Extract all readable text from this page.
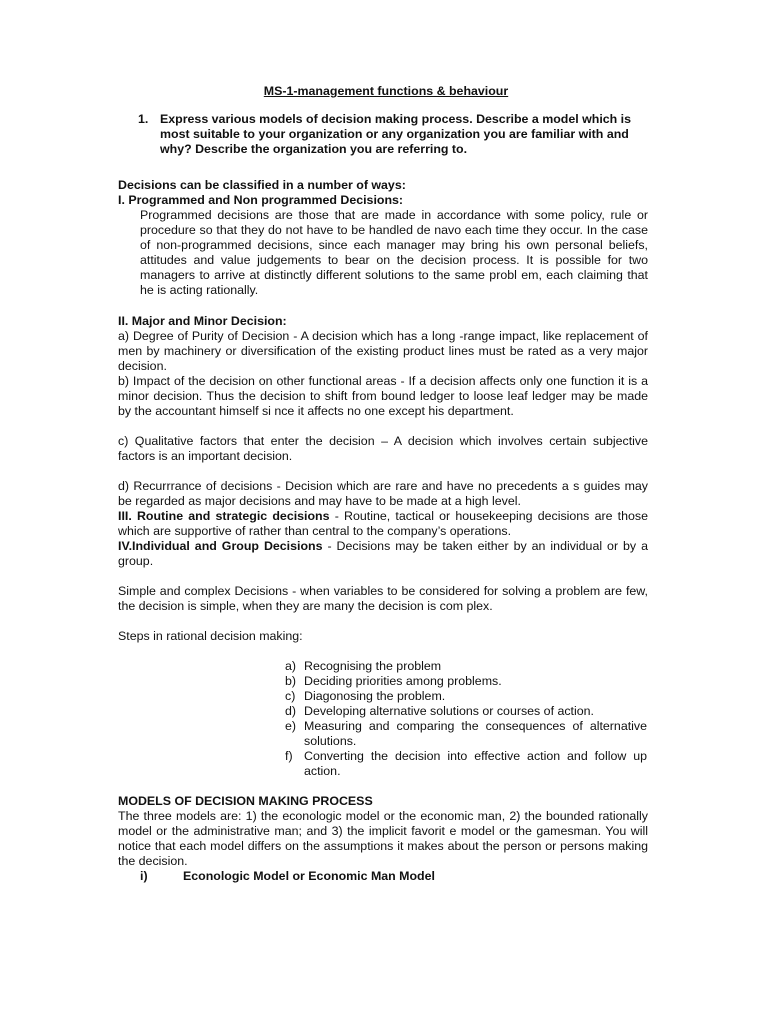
MS-1-management functions & behaviour

1. Express various models of decision making process. Describe a model which is most suitable to your organization or any organization you are familiar with and why? Describe the organization you are referring to.

Decisions can be classified in a number of ways:

I. Programmed and Non programmed Decisions:

Programmed decisions are those that are made in accordance with some policy, rule or procedure so that they do not have to be handled de navo each time they occur. In the case of non-programmed decisions, since each manager may bring his own personal beliefs, attitudes and value judgements to bear on the decision process. It is possible for two managers to arrive at distinctly different solutions to the same probl em, each claiming that he is acting rationally.

II. Major and Minor Decision:

a) Degree of Purity of Decision - A decision which has a long -range impact, like replacement of men by machinery or diversification of the existing product lines must be rated as a very major decision.

b) Impact of the decision on other functional areas - If a decision affects only one function it is a minor decision. Thus the decision to shift from bound ledger to loose leaf ledger may be made by the accountant himself si nce it affects no one except his department.

c) Qualitative factors that enter the decision – A decision which involves certain subjective factors is an important decision.

d) Recurrrance of decisions - Decision which are rare and have no precedents a s guides may be regarded as major decisions and may have to be made at a high level.

III. Routine and strategic decisions - Routine, tactical or housekeeping decisions are those which are supportive of rather than central to the company’s operations.

IV.Individual and Group Decisions - Decisions may be taken either by an individual or by a group.

Simple and complex Decisions - when variables to be considered for solving a problem are few, the decision is simple, when they are many the decision is com plex.

Steps in rational decision making:

a) Recognising the problem
b) Deciding priorities among problems.
c) Diagonosing the problem.
d) Developing alternative solutions or courses of action.
e) Measuring and comparing the consequences of alternative solutions.
f) Converting the decision into effective action and follow up action.

MODELS OF DECISION MAKING PROCESS

The three models are: 1) the econologic model or the economic man, 2) the bounded rationally model or the administrative man; and 3) the implicit favorit e model or the gamesman. You will notice that each model differs on the assumptions it makes about the person or persons making the decision.

i)	Econologic Model or Economic Man Model
